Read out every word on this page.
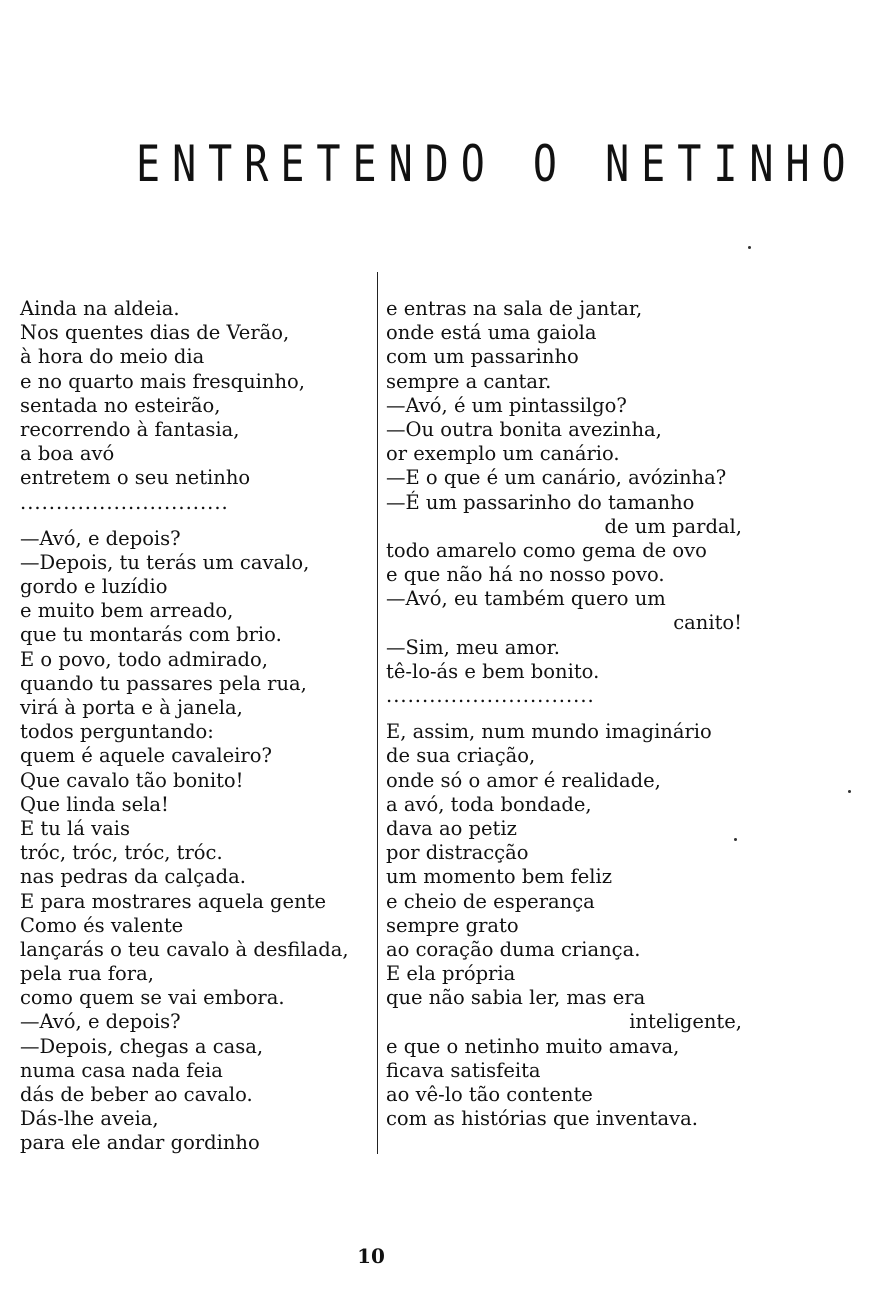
ENTRETENDO O NETINHO
Ainda na aldeia.
Nos quentes dias de Verão,
à hora do meio dia
e no quarto mais fresquinho,
sentada no esteirão,
recorrendo à fantasia,
a boa avó
entretem o seu netinho
.............................
—Avó, e depois?
—Depois, tu terás um cavalo,
gordo e luzídio
e muito bem arreado,
que tu montarás com brio.
E o povo, todo admirado,
quando tu passares pela rua,
virá à porta e à janela,
todos perguntando:
quem é aquele cavaleiro?
Que cavalo tão bonito!
Que linda sela!
E tu lá vais
tróc, tróc, tróc, tróc.
nas pedras da calçada.
E para mostrares aquela gente
Como és valente
lançarás o teu cavalo à desfilada,
pela rua fora,
como quem se vai embora.
—Avó, e depois?
—Depois, chegas a casa,
numa casa nada feia
dás de beber ao cavalo.
Dás-lhe aveia,
para ele andar gordinho
e entras na sala de jantar,
onde está uma gaiola
com um passarinho
sempre a cantar.
—Avó, é um pintassilgo?
—Ou outra bonita avezinha,
or exemplo um canário.
—E o que é um canário, avózinha?
—É um passarinho do tamanho
de um pardal,
todo amarelo como gema de ovo
e que não há no nosso povo.
—Avó, eu também quero um
canito!
—Sim, meu amor.
tê-lo-ás e bem bonito.
.............................
E, assim, num mundo imaginário
de sua criação,
onde só o amor é realidade,
a avó, toda bondade,
dava ao petiz
por distracção
um momento bem feliz
e cheio de esperança
sempre grato
ao coração duma criança.
E ela própria
que não sabia ler, mas era
inteligente,
e que o netinho muito amava,
ficava satisfeita
ao vê-lo tão contente
com as histórias que inventava.
10
